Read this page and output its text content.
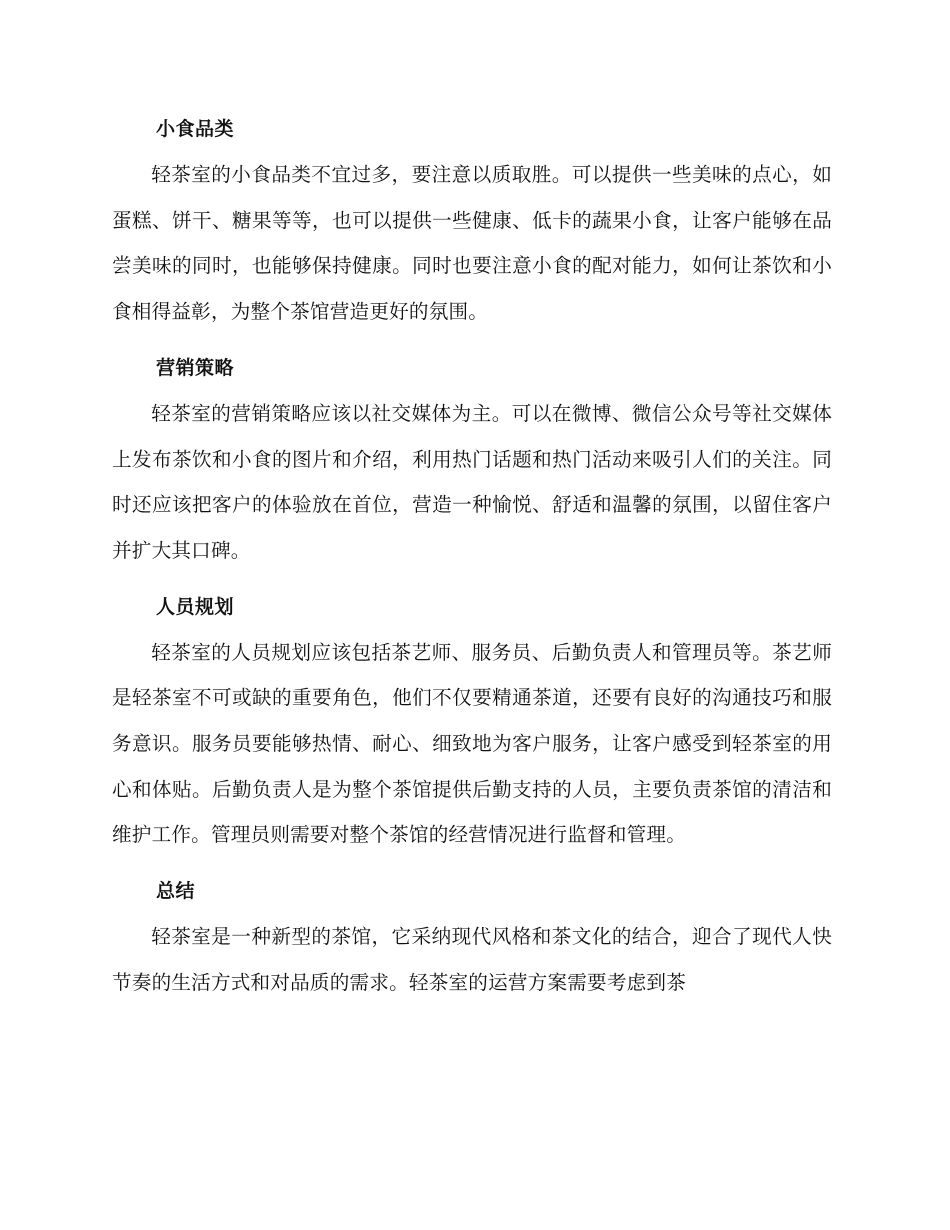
小食品类

轻茶室的小食品类不宜过多，要注意以质取胜。可以提供一些美味的点心，如蛋糕、饼干、糖果等等，也可以提供一些健康、低卡的蔬果小食，让客户能够在品尝美味的同时，也能够保持健康。同时也要注意小食的配对能力，如何让茶饮和小食相得益彰，为整个茶馆营造更好的氛围。

营销策略

轻茶室的营销策略应该以社交媒体为主。可以在微博、微信公众号等社交媒体上发布茶饮和小食的图片和介绍，利用热门话题和热门活动来吸引人们的关注。同时还应该把客户的体验放在首位，营造一种愉悦、舒适和温馨的氛围，以留住客户并扩大其口碑。

人员规划

轻茶室的人员规划应该包括茶艺师、服务员、后勤负责人和管理员等。茶艺师是轻茶室不可或缺的重要角色，他们不仅要精通茶道，还要有良好的沟通技巧和服务意识。服务员要能够热情、耐心、细致地为客户服务，让客户感受到轻茶室的用心和体贴。后勤负责人是为整个茶馆提供后勤支持的人员，主要负责茶馆的清洁和维护工作。管理员则需要对整个茶馆的经营情况进行监督和管理。

总结

轻茶室是一种新型的茶馆，它采纳现代风格和茶文化的结合，迎合了现代人快节奏的生活方式和对品质的需求。轻茶室的运营方案需要考虑到茶
